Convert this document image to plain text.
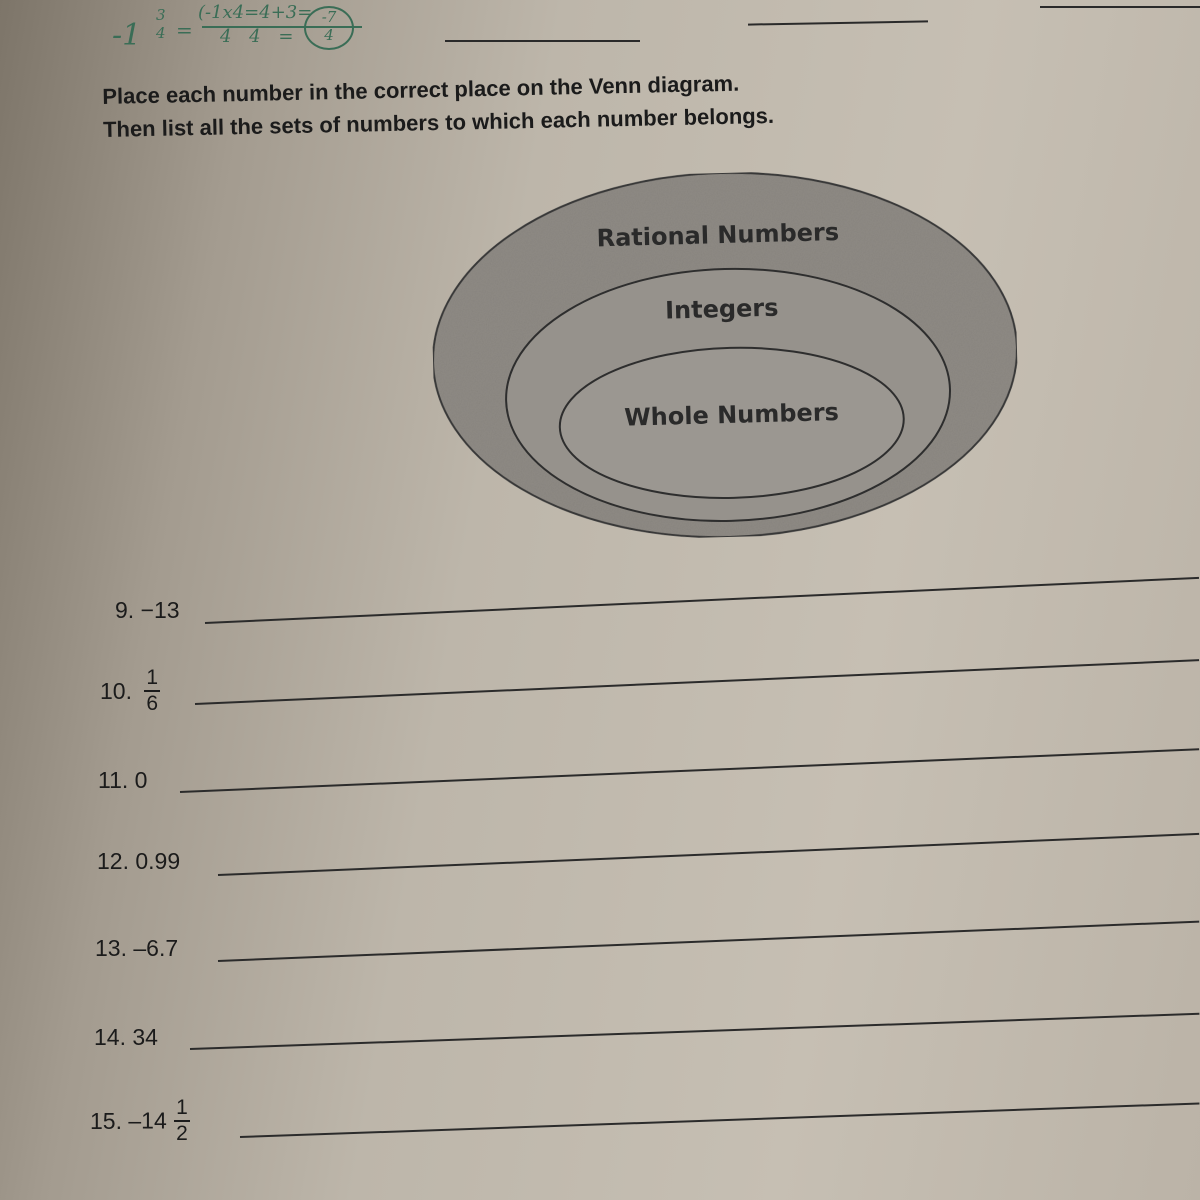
-1
3
4 =
(-1x4=4+3=
4 4 =
-7
4
Place each number in the correct place on the Venn diagram.
Then list all the sets of numbers to which each number belongs.
Rational Numbers
Integers
Whole Numbers
9. −13
10. $\frac{1}{6}$
11. 0
12. 0.99
13. –6.7
14. 34
15. $-14 \frac{1}{2}$
